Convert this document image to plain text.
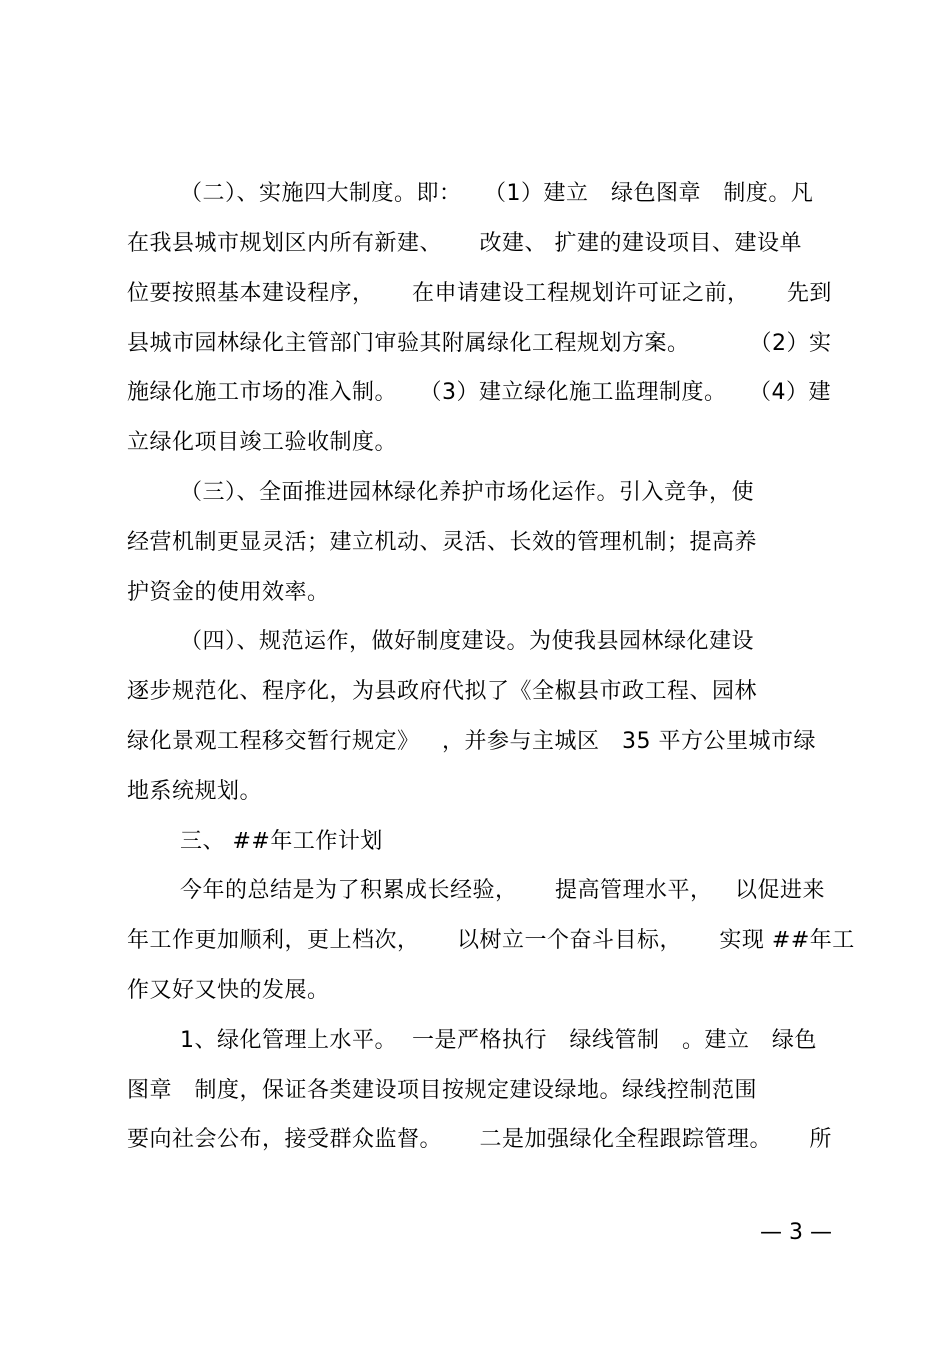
（二）、实施四大制度。即：   （1）建立   绿色图章   制度。凡
在我县城市规划区内所有新建、     改建、 扩建的建设项目、建设单
位要按照基本建设程序，     在申请建设工程规划许可证之前，     先到
县城市园林绿化主管部门审验其附属绿化工程规划方案。        （2）实
施绿化施工市场的准入制。   （3）建立绿化施工监理制度。   （4）建
立绿化项目竣工验收制度。
（三）、全面推进园林绿化养护市场化运作。引入竞争，使
经营机制更显灵活；建立机动、灵活、长效的管理机制；提高养
护资金的使用效率。
（四）、规范运作，做好制度建设。为使我县园林绿化建设
逐步规范化、程序化，为县政府代拟了《全椒县市政工程、园林
绿化景观工程移交暂行规定》   ，并参与主城区   35 平方公里城市绿
地系统规划。
三、 ##年工作计划
今年的总结是为了积累成长经验，     提高管理水平，   以促进来
年工作更加顺利，更上档次，     以树立一个奋斗目标，     实现 ##年工
作又好又快的发展。
1、绿化管理上水平。  一是严格执行   绿线管制   。建立   绿色
图章   制度，保证各类建设项目按规定建设绿地。绿线控制范围
要向社会公布，接受群众监督。     二是加强绿化全程跟踪管理。     所
— 3 —
